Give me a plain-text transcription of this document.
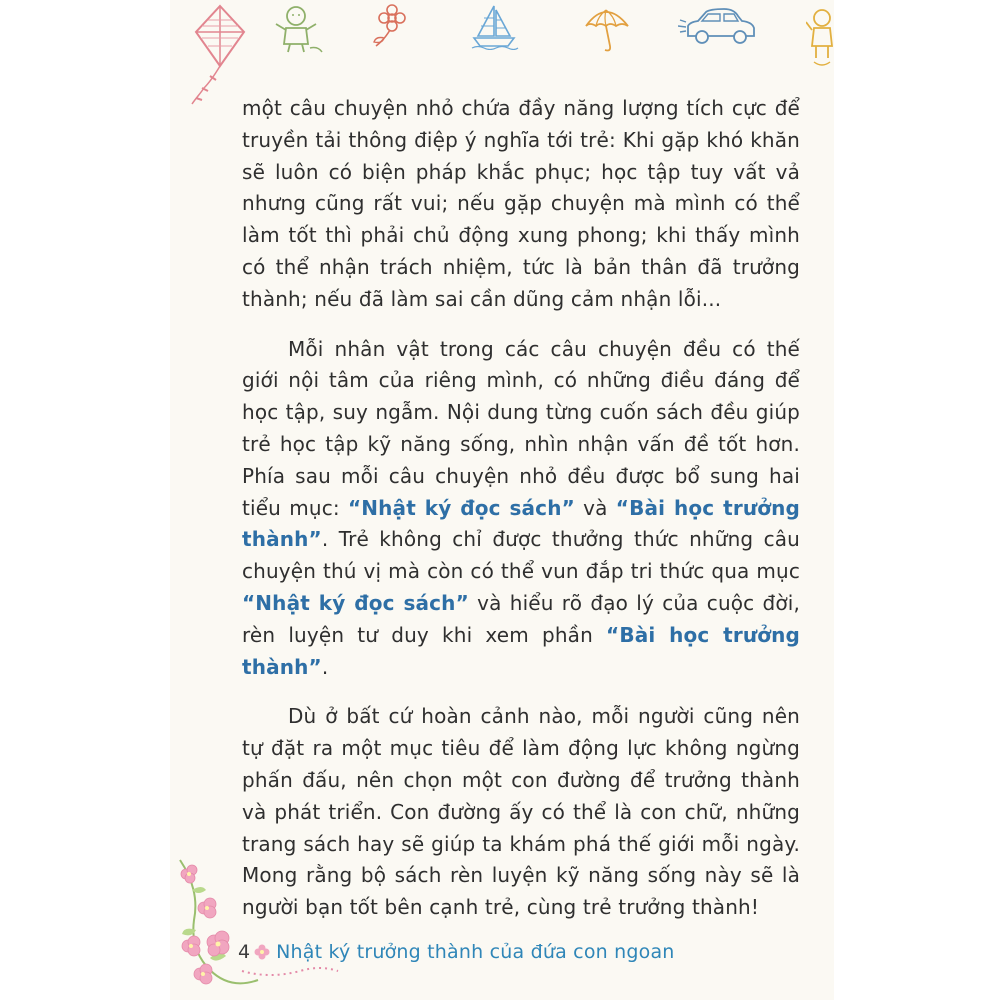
một câu chuyện nhỏ chứa đầy năng lượng tích cực để truyền tải thông điệp ý nghĩa tới trẻ: Khi gặp khó khăn sẽ luôn có biện pháp khắc phục; học tập tuy vất vả nhưng cũng rất vui; nếu gặp chuyện mà mình có thể làm tốt thì phải chủ động xung phong; khi thấy mình có thể nhận trách nhiệm, tức là bản thân đã trưởng thành; nếu đã làm sai cần dũng cảm nhận lỗi...

Mỗi nhân vật trong các câu chuyện đều có thế giới nội tâm của riêng mình, có những điều đáng để học tập, suy ngẫm. Nội dung từng cuốn sách đều giúp trẻ học tập kỹ năng sống, nhìn nhận vấn đề tốt hơn. Phía sau mỗi câu chuyện nhỏ đều được bổ sung hai tiểu mục: “Nhật ký đọc sách” và “Bài học trưởng thành”. Trẻ không chỉ được thưởng thức những câu chuyện thú vị mà còn có thể vun đắp tri thức qua mục “Nhật ký đọc sách” và hiểu rõ đạo lý của cuộc đời, rèn luyện tư duy khi xem phần “Bài học trưởng thành”.

Dù ở bất cứ hoàn cảnh nào, mỗi người cũng nên tự đặt ra một mục tiêu để làm động lực không ngừng phấn đấu, nên chọn một con đường để trưởng thành và phát triển. Con đường ấy có thể là con chữ, những trang sách hay sẽ giúp ta khám phá thế giới mỗi ngày. Mong rằng bộ sách rèn luyện kỹ năng sống này sẽ là người bạn tốt bên cạnh trẻ, cùng trẻ trưởng thành!

4 Nhật ký trưởng thành của đứa con ngoan
